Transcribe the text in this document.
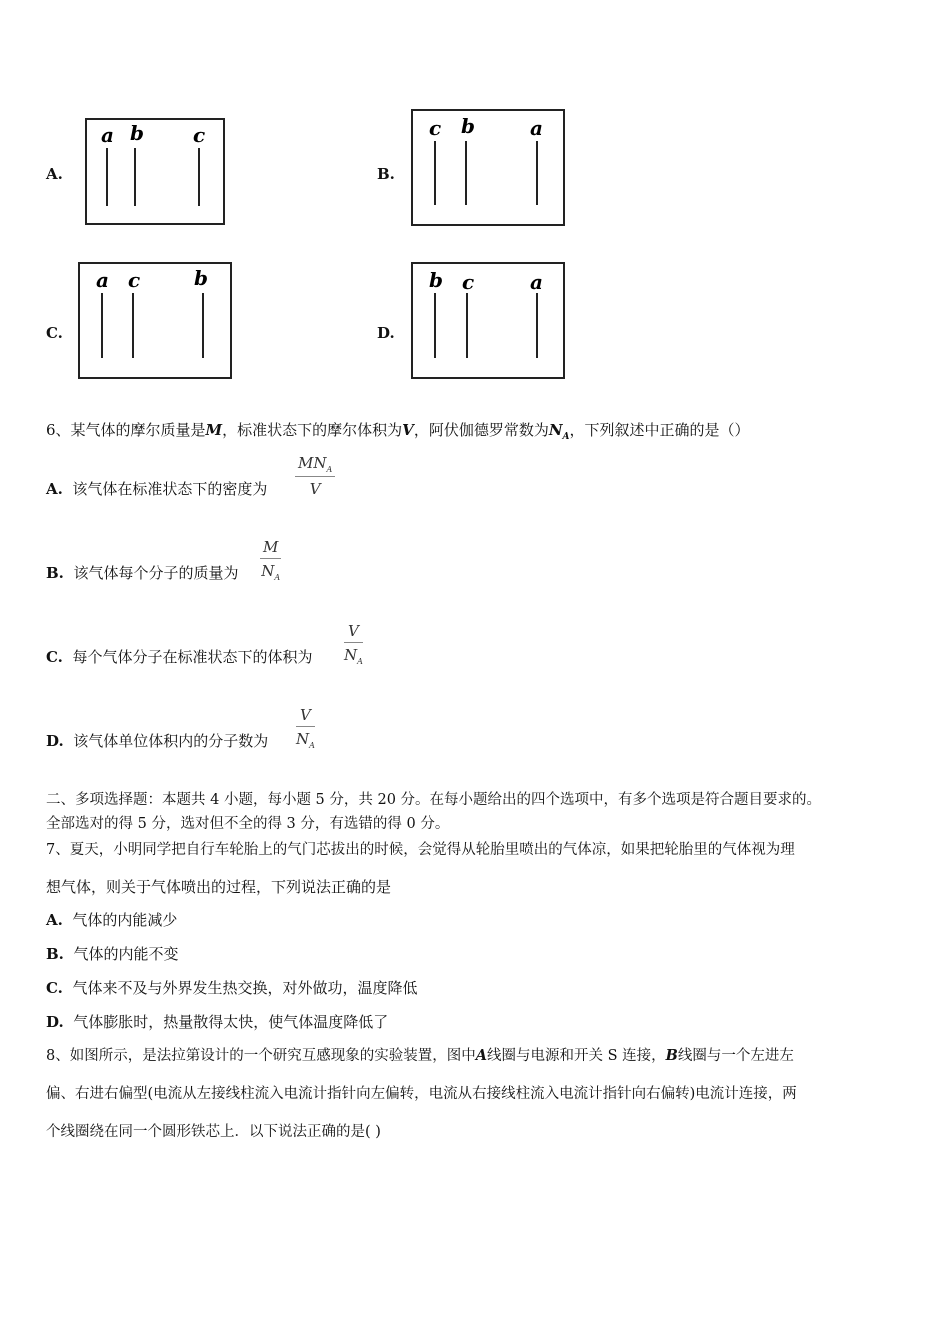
A.
a b c
B.
c b	a
C.
a c	b
D.
b c	a
6、某气体的摩尔质量是M，标准状态下的摩尔体积为V，阿伏伽德罗常数为$N_A$，下列叙述中正确的是（）
A. 该气体在标准状态下的密度为
$MN_A$
V
B. 该气体每个分子的质量为 $\frac{M}{N_A}$
C. 每个气体分子在标准状态下的体积为 $\frac{V}{N_A}$
D. 该气体单位体积内的分子数为 $\frac{V}{N_A}$
二、多项选择题：本题共 4 小题，每小题 5 分，共 20 分。在每小题给出的四个选项中，有多个选项是符合题目要求的。
全部选对的得 5 分，选对但不全的得 3 分，有选错的得 0 分。
7、夏天，小明同学把自行车轮胎上的气门芯拔出的时候，会觉得从轮胎里喷出的气体凉，如果把轮胎里的气体视为理
想气体，则关于气体喷出的过程，下列说法正确的是
A. 气体的内能减少
B. 气体的内能不变
C. 气体来不及与外界发生热交换，对外做功，温度降低
D. 气体膨胀时，热量散得太快，使气体温度降低了
8、如图所示，是法拉第设计的一个研究互感现象的实验装置，图中A线圈与电源和开关 S 连接，B线圈与一个左进左
偏、右进右偏型(电流从左接线柱流入电流计指针向左偏转，电流从右接线柱流入电流计指针向右偏转)电流计连接，两
个线圈绕在同一个圆形铁芯上．以下说法正确的是( )
